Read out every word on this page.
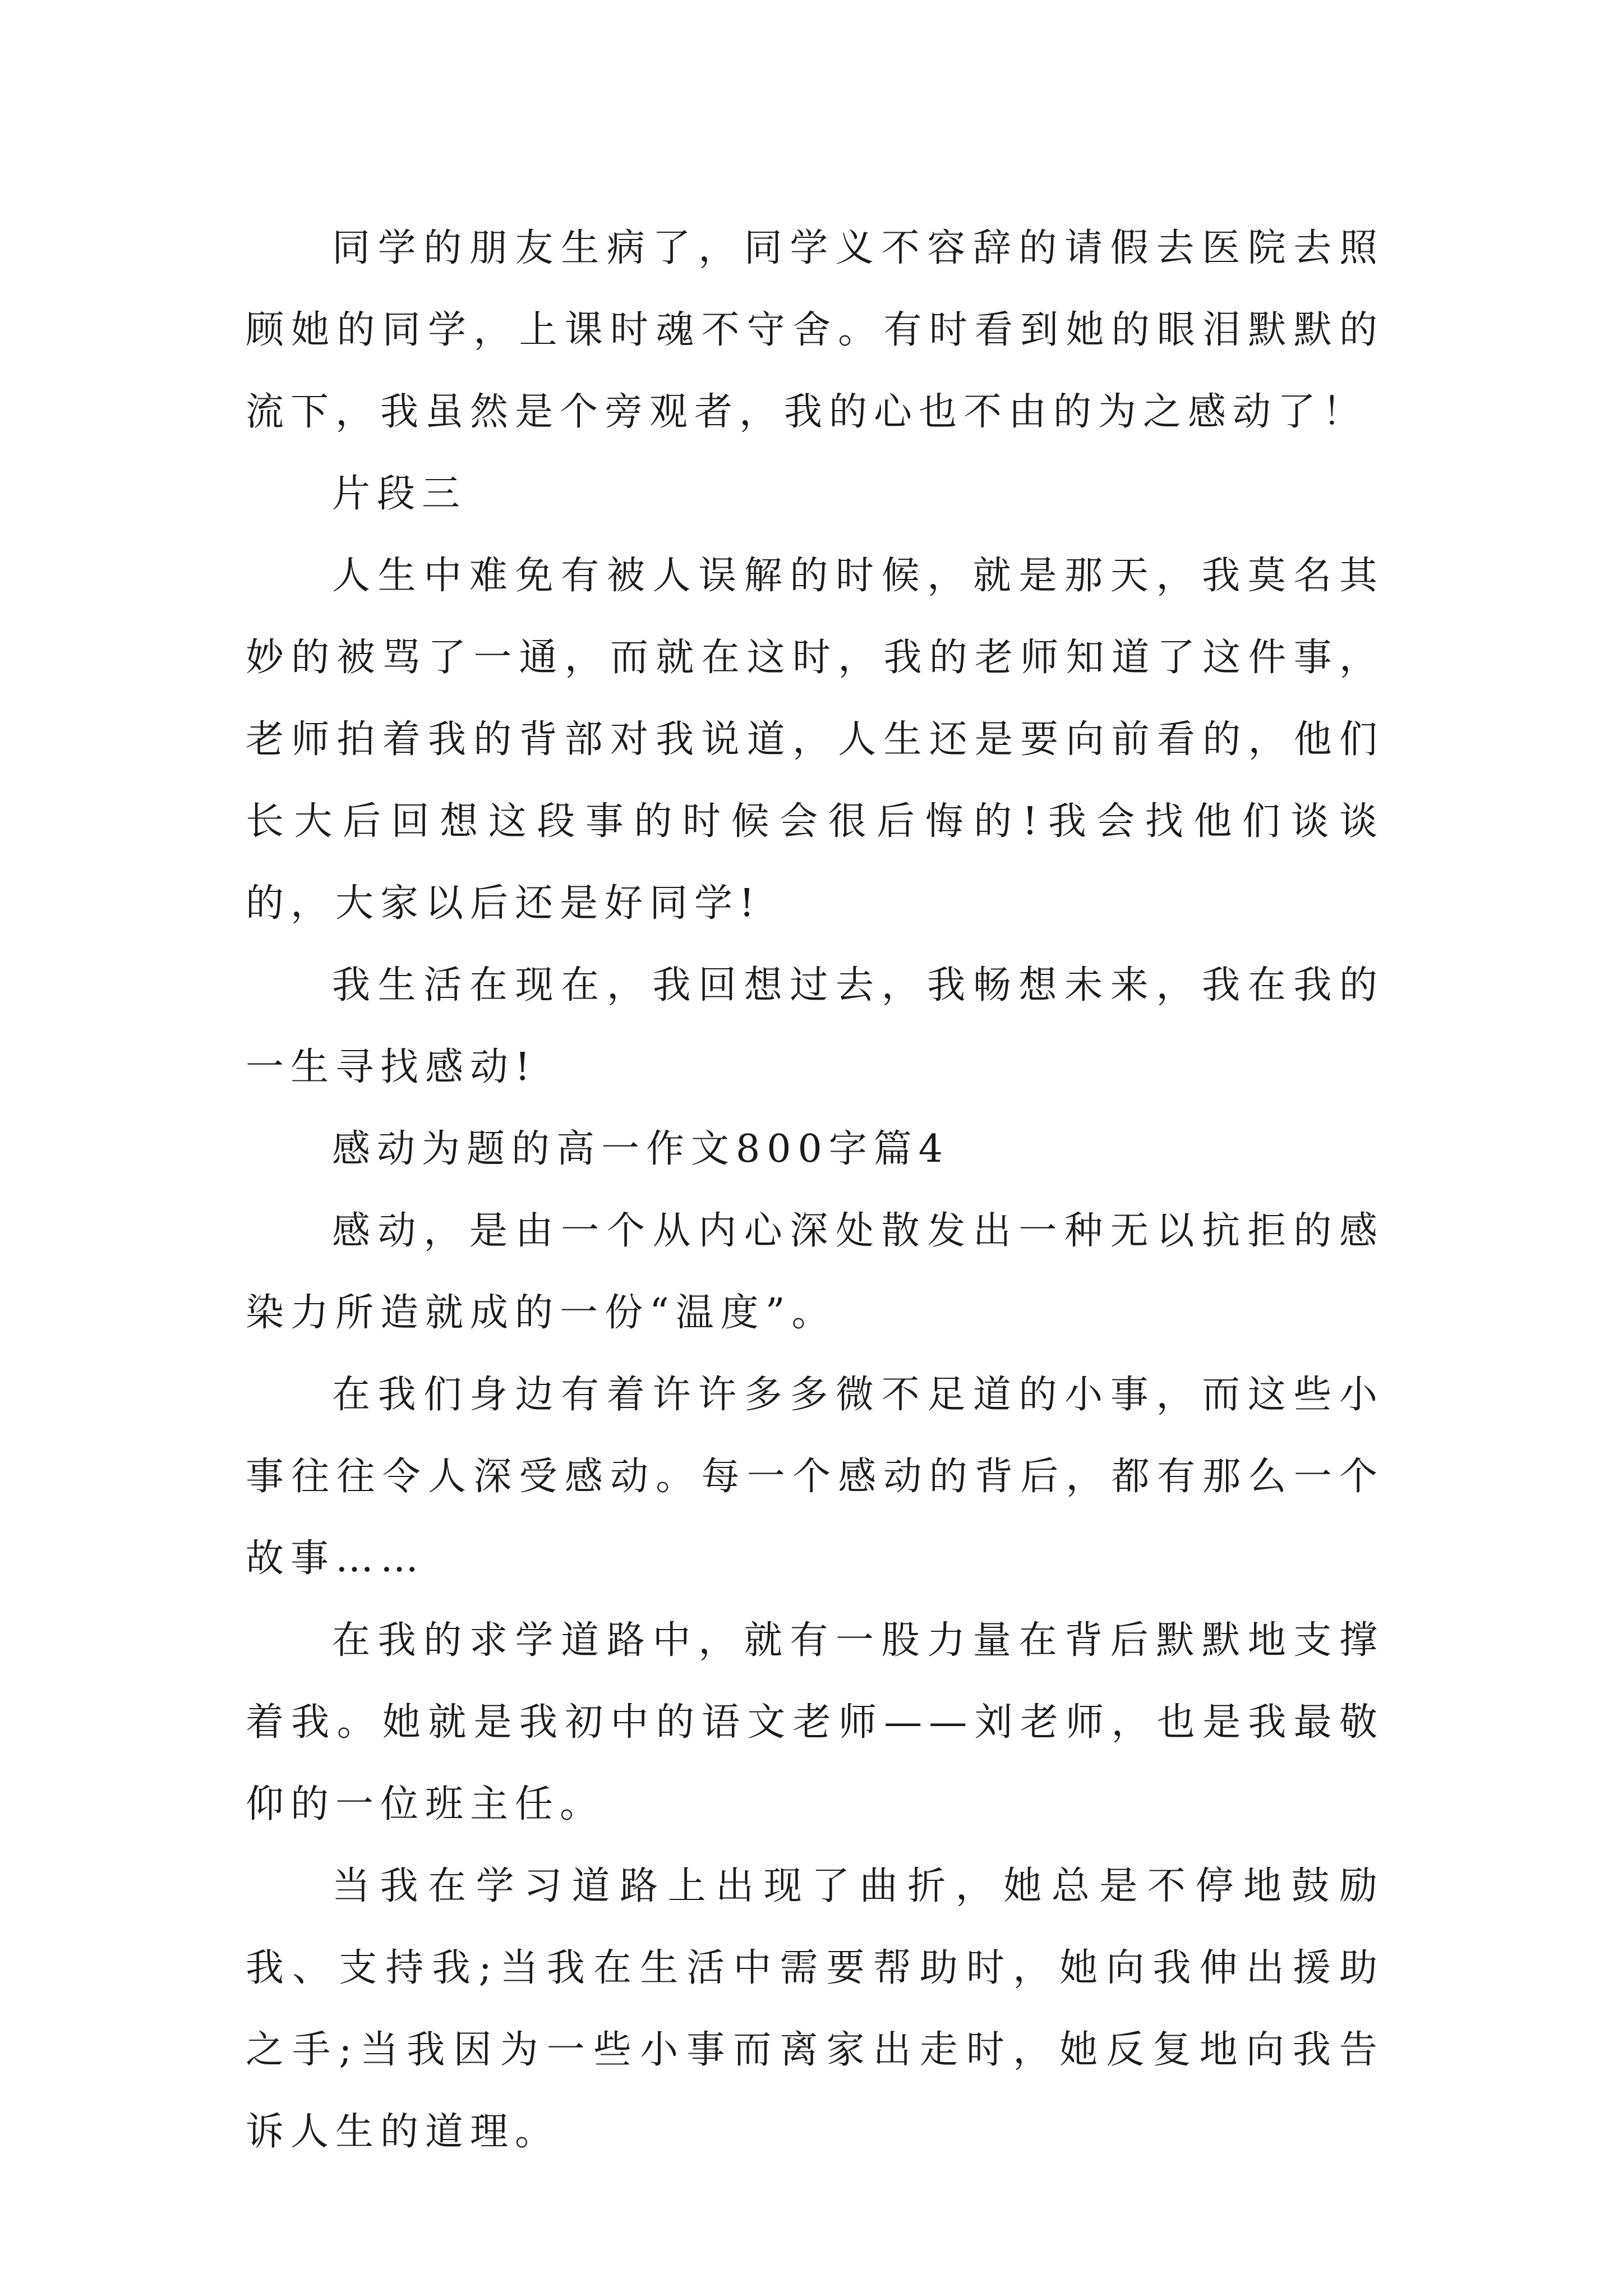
同学的朋友生病了，同学义不容辞的请假去医院去照顾她的同学，上课时魂不守舍。有时看到她的眼泪默默的流下，我虽然是个旁观者，我的心也不由的为之感动了！

片段三

人生中难免有被人误解的时候，就是那天，我莫名其妙的被骂了一通，而就在这时，我的老师知道了这件事，老师拍着我的背部对我说道，人生还是要向前看的，他们长大后回想这段事的时候会很后悔的!我会找他们谈谈的，大家以后还是好同学!

我生活在现在，我回想过去，我畅想未来，我在我的一生寻找感动!

感动为题的高一作文800字篇4

感动，是由一个从内心深处散发出一种无以抗拒的感染力所造就成的一份“温度”。

在我们身边有着许许多多微不足道的小事，而这些小事往往令人深受感动。每一个感动的背后，都有那么一个故事……

在我的求学道路中，就有一股力量在背后默默地支撑着我。她就是我初中的语文老师——刘老师，也是我最敬仰的一位班主任。

当我在学习道路上出现了曲折，她总是不停地鼓励我、支持我;当我在生活中需要帮助时，她向我伸出援助之手;当我因为一些小事而离家出走时，她反复地向我告诉人生的道理。
